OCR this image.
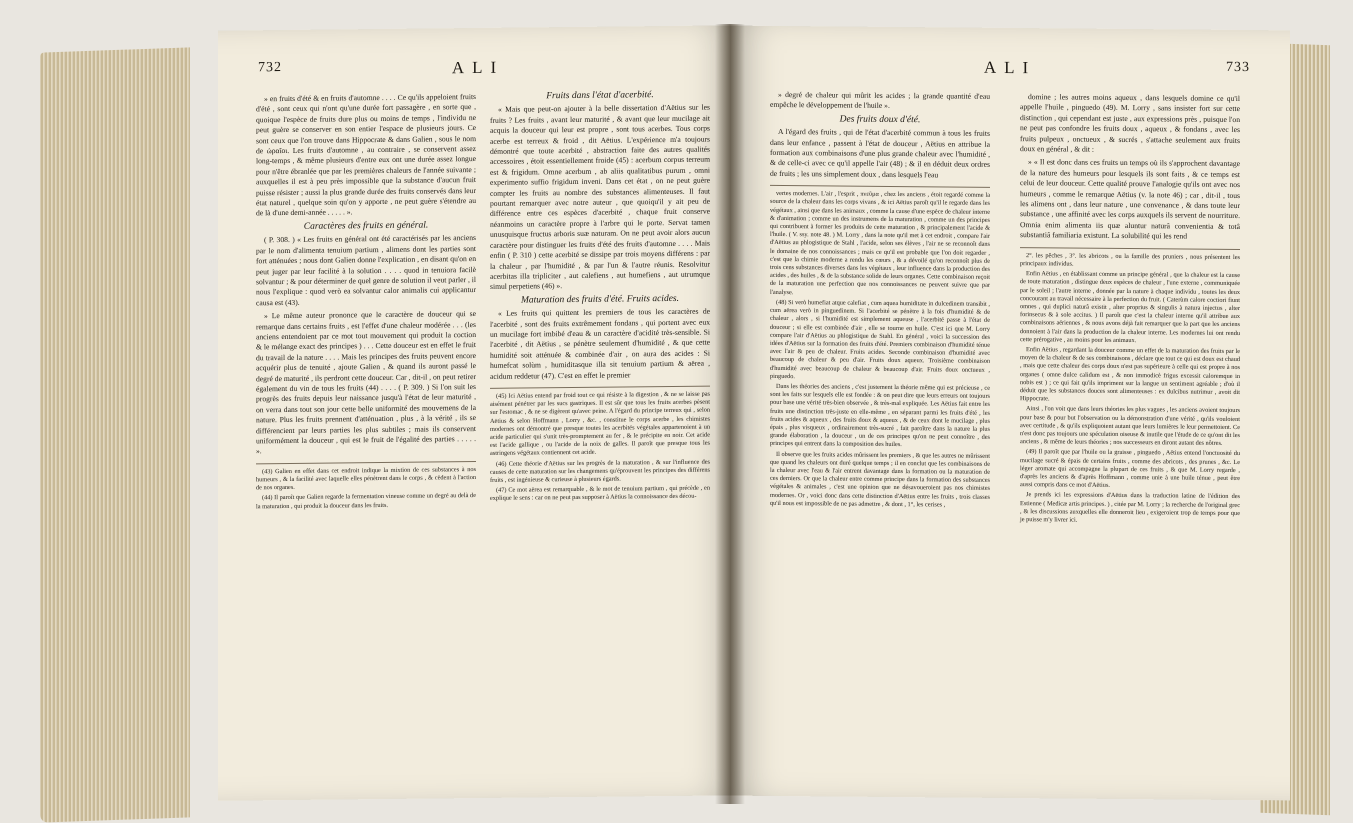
732	ALI

» en fruits d'été & en fruits d'automne . . . . Ce qu'ils appeloient fruits d'été , sont ceux qui n'ont qu'une durée fort passagère , en sorte que , quoique l'espèce de fruits dure plus ou moins de temps , l'individu ne peut guère se conserver en son entier l'espace de plusieurs jours. Ce sont ceux que l'on trouve dans Hippocrate & dans Galien , sous le nom de ὡραῖοι. Les fruits d'automne , au contraire , se conservent assez long-temps , & même plusieurs d'entre eux ont une durée assez longue pour n'être ébranlée que par les premières chaleurs de l'année suivante ; auxquelles il est à peu près impossible que la substance d'aucun fruit puisse résister ; aussi la plus grande durée des fruits conservés dans leur état naturel , quelque soin qu'on y apporte , ne peut guère s'étendre au de là d'une demi-année . . . . . ».

Caractères des fruits en général.

( P. 308. ) « Les fruits en général ont été caractérisés par les anciens par le nom d'alimenta tenuium partium , alimens dont les parties sont fort atténuées ; nous dont Galien donne l'explication , en disant qu'on en peut juger par leur facilité à la solution . . . . quod in tenuiora facilè solvantur ; & pour déterminer de quel genre de solution il veut parler , il nous l'explique : quod verò ea solvantur calor animalis cui applicantur causa est (43).

» Le même auteur prononce que le caractère de douceur qui se remarque dans certains fruits , est l'effet d'une chaleur modérée . . . (les anciens entendoient par ce mot tout mouvement qui produit la coction & le mélange exact des principes ) . . . Cette douceur est en effet le fruit du travail de la nature . . . . Mais les principes des fruits peuvent encore acquérir plus de tenuité , ajoute Galien , & quand ils auront passé le degré de maturité , ils perdront cette douceur. Car , dit-il , on peut retirer également du vin de tous les fruits (44) . . . . ( P. 309. ) Si l'on suit les progrès des fruits depuis leur naissance jusqu'à l'état de leur maturité , on verra dans tout son jour cette belle uniformité des mouvemens de la nature. Plus les fruits prennent d'atténuation , plus , à la vérité , ils se différencient par leurs parties les plus subtiles ; mais ils conservent uniformément la douceur , qui est le fruit de l'égalité des parties . . . . . ».

(43) Galien en effet dans cet endroit indique la mixtion de ces substances à nos humeurs , & la facilité avec laquelle elles pénètrent dans le corps , & cèdent à l'action de nos organes.

(44) Il paroît que Galien regarde la fermentation vineuse comme un degré au delà de la maturation , qui produit la douceur dans les fruits.

Fruits dans l'état d'acerbité.

« Mais que peut-on ajouter à la belle dissertation d'Aëtius sur les fruits ? Les fruits , avant leur maturité , & avant que leur mucilage ait acquis la douceur qui leur est propre , sont tous acerbes. Tous corps acerbe est terreux & froid , dit Aëtius. L'expérience m'a toujours démontré que toute acerbité , abstraction faite des autres qualités accessoires , étoit essentiellement froide (45) : acerbum corpus terreum est & frigidum. Omne acerbum , ab aliis qualitatibus purum , omni experimento suffio frigidum inveni. Dans cet état , on ne peut guère compter les fruits au nombre des substances alimenteuses. Il faut pourtant remarquer avec notre auteur , que quoiqu'il y ait peu de différence entre ces espèces d'acerbité , chaque fruit conserve néanmoins un caractère propre à l'arbre qui le porte. Servat tamen unusquisque fructus arboris suæ naturam. On ne peut avoir alors aucun caractère pour distinguer les fruits d'été des fruits d'automne . . . . Mais enfin ( P. 310 ) cette acerbité se dissipe par trois moyens différens : par la chaleur , par l'humidité , & par l'un & l'autre réunis. Resolvitur acerbitas illa tripliciter , aut calefiens , aut humefiens , aut utrumque simul perpetiens (46) ».

Maturation des fruits d'été. Fruits acides.

« Les fruits qui quittent les premiers de tous les caractères de l'acerbité , sont des fruits extrêmement fondans , qui portent avec eux un mucilage fort imbibé d'eau & un caractère d'acidité très-sensible. Si l'acerbité , dit Aëtius , se pénètre seulement d'humidité , & que cette humidité soit atténuée & combinée d'air , on aura des acides : Si humefcat solùm , humiditasque illa sit tenuium partium & aërea , acidum reddetur (47). C'est en effet le premier

(45) Ici Aëtius entend par froid tout ce qui résiste à la digestion , & ne se laisse pas aisément pénétrer par les sucs gastriques. Il est sûr que tous les fruits acerbes pèsent sur l'estomac , & ne se digèrent qu'avec peine. A l'égard du principe terreux qui , selon Aëtius & selon Hoffmann , Lorry , &c. , constitue le corps acerbe , les chimistes modernes ont démontré que presque toutes les acerbités végétales appartenoient à un acide particulier qui s'unit très-promptement au fer , & le précipite en noir. Cet acide est l'acide gallique , ou l'acide de la noix de galles. Il paroît que presque tous les astringens végétaux contiennent cet acide.

(46) Cette théorie d'Aëtius sur les progrès de la maturation , & sur l'influence des causes de cette maturation sur les changemens qu'éprouvent les principes des différens fruits , est ingénieuse & curieuse à plusieurs égards.

(47) Ce mot aërea est remarquable , & le mot de tenuium partium , qui précède , en explique le sens : car on ne peut pas supposer à Aëtius la connoissance des décou-

ALI	733

» degré de chaleur qui mûrit les acides ; la grande quantité d'eau empêche le développement de l'huile ».

Des fruits doux d'été.

A l'égard des fruits , qui de l'état d'acerbité commun à tous les fruits dans leur enfance , passent à l'état de douceur , Aëtius en attribue la formation aux combinaisons d'une plus grande chaleur avec l'humidité , & de celle-ci avec ce qu'il appelle l'air (48) ; & il en déduit deux ordres de fruits ; les uns simplement doux , dans lesquels l'eau

vertes modernes. L'air , l'esprit , πνεῦμα , chez les anciens , étoit regardé comme la source de la chaleur dans les corps vivans , & ici Aëtius paroît qu'il le regarde dans les végétaux , ainsi que dans les animaux , comme la cause d'une espèce de chaleur interne & d'animation ; comme un des instrumens de la maturation , comme un des principes qui contribuent à former les produits de cette maturation , & principalement l'acide & l'huile. ( V. ssy. note 48. ) M. Lorry , dans la note qu'il met à cet endroit , compare l'air d'Aëtius au phlogistique de Stahl , l'acide, selon ses élèves , l'air ne se reconnoît dans le domaine de nos connoissances ; mais ce qu'il est probable que l'on doit regarder , c'est que la chimie moderne a rendu les cœurs , & a dévoilé qu'on reconnoît plus de trois cens substances diverses dans les végétaux , leur influence dans la production des acides , des huiles , & de la substance solide de leurs organes. Cette combinaison reçoit de la maturation une perfection que nos connoissances ne peuvent suivre que par l'analyse.

(48) Si verò humefiat atque calefiat , cum aquea humiditate in dulcedinem transibit , cum aërea verò in pinguedinem. Si l'acerbité se pénètre à la fois d'humidité & de chaleur , alors , si l'humidité est simplement aqueuse , l'acerbité passe à l'état de douceur ; si elle est combinée d'air , elle se tourne en huile. C'est ici que M. Lorry compare l'air d'Aëtius au phlogistique de Stahl. En général , voici la succession des idées d'Aëtius sur la formation des fruits d'été. Premiers combinaison d'humidité ténue avec l'air & peu de chaleur. Fruits acides. Seconde combinaison d'humidité avec beaucoup de chaleur & peu d'air. Fruits doux aqueux. Troisième combinaison d'humidité avec beaucoup de chaleur & beaucoup d'air. Fruits doux onctueux , pinguedo.

Dans les théories des anciens , c'est justement la théorie même qui est précieuse , ce sont les faits sur lesquels elle est fondée : & on peut dire que leurs erreurs ont toujours pour base une vérité très-bien observée , & très-mal expliquée. Les Aëtius fait entre les fruits une distinction très-juste en elle-même , en séparant parmi les fruits d'été , les fruits acides & aqueux , des fruits doux & aqueux , & de ceux dont le mucilage , plus épais , plus visqueux , ordinairement très-sucré , fait paroître dans la nature la plus grande élaboration , la douceur , un de ces principes qu'on ne peut connoître , des principes qui entrent dans la composition des huiles.

Il observe que les fruits acides mûrissent les premiers , & que les autres ne mûrissent que quand les chaleurs ont duré quelque temps ; il en conclut que les combinaisons de la chaleur avec l'eau & l'air entrent davantage dans la formation ou la maturation de ces derniers. Or que la chaleur entre comme principe dans la formation des substances végétales & animales , c'est une opinion que ne désavoueroient pas nos chimistes modernes. Or , voici donc dans cette distinction d'Aëtius entre les fruits , trois classes qu'il nous est impossible de ne pas admettre , & dont , 1°, les cerises ,

domine ; les autres moins aqueux , dans lesquels domine ce qu'il appelle l'huile , pinguedo (49). M. Lorry , sans insister fort sur cette distinction , qui cependant est juste , aux expressions près , puisque l'on ne peut pas confondre les fruits doux , aqueux , & fondans , avec les fruits pulpeux , onctueux , & sucrés , s'attache seulement aux fruits doux en général , & dit :

» « Il est donc dans ces fruits un temps où ils s'approchent davantage de la nature des humeurs pour lesquels ils sont faits , & ce temps est celui de leur douceur. Cette qualité prouve l'analogie qu'ils ont avec nos humeurs , comme le remarque Aëtius (v. la note 46) ; car , dit-il , tous les alimens ont , dans leur nature , une convenance , & dans toute leur substance , une affinité avec les corps auxquels ils servent de nourriture. Omnia enim alimenta iis quæ aluntur naturâ convenientia & totâ substantiâ familiaria existunt. La solubilité qui les rend

2°. les pêches , 3°. les abricots , ou la famille des pruniers , nous présentent les principaux individus.

Enfin Aëtius , en établissant comme un principe général , que la chaleur est la cause de toute maturation , distingue deux espèces de chaleur , l'une externe , communiquée par le soleil ; l'autre interne , donnée par la nature à chaque individu , toutes les deux concourant au travail nécessaire à la perfection du fruit. ( Caterùm calore coctiori fiunt omnes , qui duplici naturâ existit , alter proprius & singulis à natura injectus , alter forinsecus & à sole accitus. ) Il paroît que c'est la chaleur interne qu'il attribue aux combinaisons aériennes , & nous avons déjà fait remarquer que la part que les anciens donnoient à l'air dans la production de la chaleur interne. Les modernes lui ont rendu cette prérogative , au moins pour les animaux.

Enfin Aëtius , regardant la douceur comme un effet de la maturation des fruits par le moyen de la chaleur & de ses combinaisons , déclare que tout ce qui est doux est chaud , mais que cette chaleur des corps doux n'est pas supérieure à celle qui est propre à nos organes ( omne dulce calidum est , & non immodicè frigus excessit caloremque in nobis est ) ; ce qui fait qu'ils impriment sur la langue un sentiment agréable ; d'où il déduit que les substances douces sont alimenteuses : ex dulcibus nutrimur , avoit dit Hippocrate.

Ainsi , l'on voit que dans leurs théories les plus vagues , les anciens avoient toujours pour base & pour but l'observation ou la démonstration d'une vérité , qu'ils vouloient avec certitude , & qu'ils expliquoient autant que leurs lumières le leur permettoient. Ce n'est donc pas toujours une spéculation oiseuse & inutile que l'étude de ce qu'ont dit les anciens , & même de leurs théories ; nos successeurs en diront autant des nôtres.

(49) Il paroît que par l'huile ou la graisse , pinguedo , Aëtius entend l'onctuosité du mucilage sucré & épais de certains fruits , comme des abricots , des prunes , &c. Le léger aromate qui accompagne la plupart de ces fruits , & que M. Lorry regarde , d'après les anciens & d'après Hoffmann , comme unie à une huile ténue , peut être aussi compris dans ce mot d'Aëtius.

Je prends ici les expressions d'Aëtius dans la traduction latine de l'édition des Estienne ( Medicæ artis principes. ) , citée par M. Lorry ; la recherche de l'original grec , & les discussions auxquelles elle donneroit lieu , exigeroient trop de temps pour que je puisse m'y livrer ici.
